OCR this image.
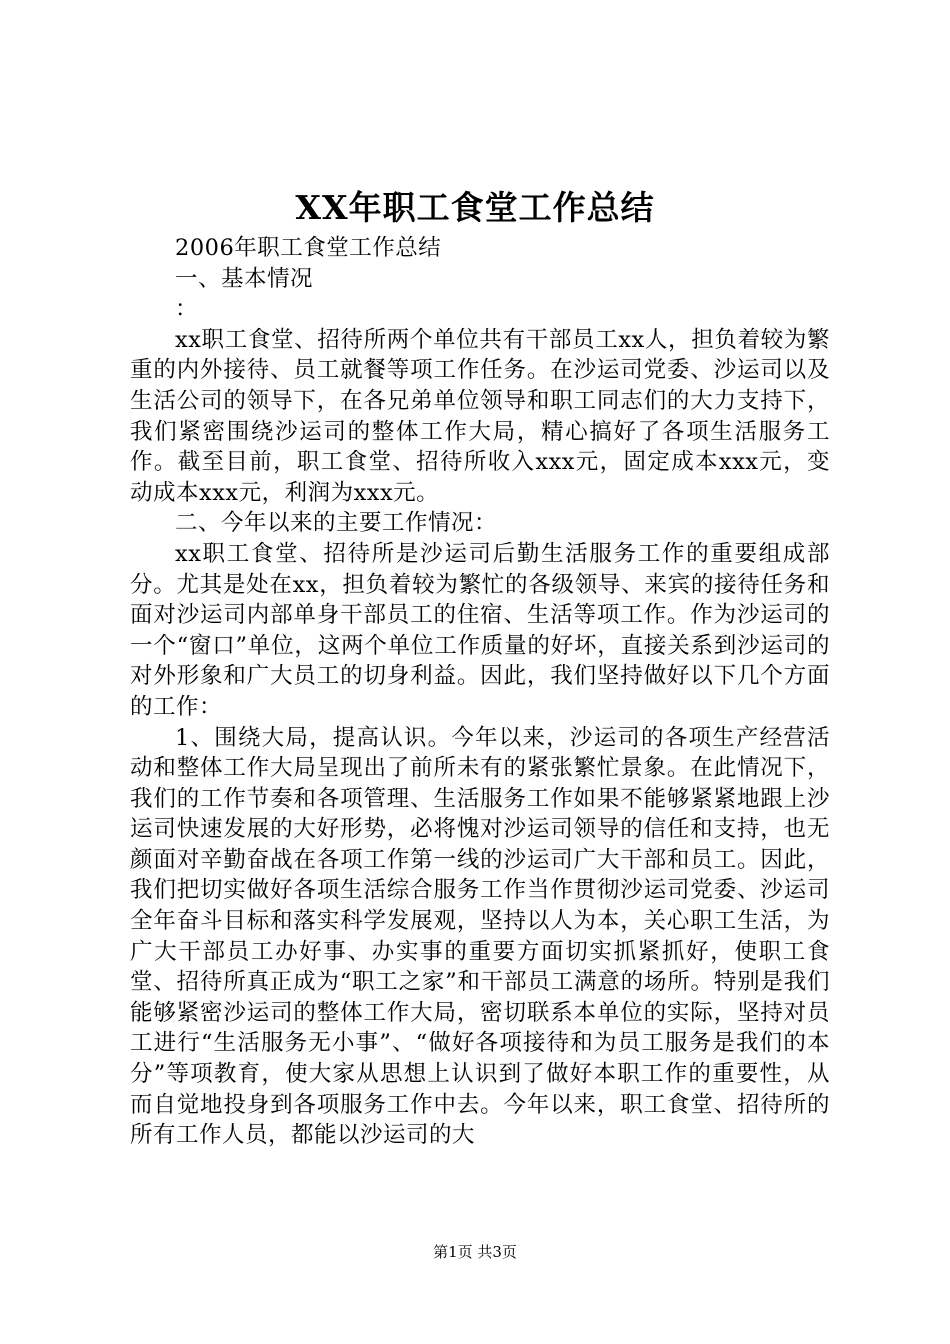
XX年职工食堂工作总结

2006年职工食堂工作总结

一、基本情况

：

xx职工食堂、招待所两个单位共有干部员工xx人，担负着较为繁重的内外接待、员工就餐等项工作任务。在沙运司党委、沙运司以及生活公司的领导下，在各兄弟单位领导和职工同志们的大力支持下，我们紧密围绕沙运司的整体工作大局，精心搞好了各项生活服务工作。截至目前，职工食堂、招待所收入xxx元，固定成本xxx元，变动成本xxx元，利润为xxx元。

二、今年以来的主要工作情况：

xx职工食堂、招待所是沙运司后勤生活服务工作的重要组成部分。尤其是处在xx，担负着较为繁忙的各级领导、来宾的接待任务和面对沙运司内部单身干部员工的住宿、生活等项工作。作为沙运司的一个“窗口”单位，这两个单位工作质量的好坏，直接关系到沙运司的对外形象和广大员工的切身利益。因此，我们坚持做好以下几个方面的工作：

1、围绕大局，提高认识。今年以来，沙运司的各项生产经营活动和整体工作大局呈现出了前所未有的紧张繁忙景象。在此情况下，我们的工作节奏和各项管理、生活服务工作如果不能够紧紧地跟上沙运司快速发展的大好形势，必将愧对沙运司领导的信任和支持，也无颜面对辛勤奋战在各项工作第一线的沙运司广大干部和员工。因此，我们把切实做好各项生活综合服务工作当作贯彻沙运司党委、沙运司全年奋斗目标和落实科学发展观，坚持以人为本，关心职工生活，为广大干部员工办好事、办实事的重要方面切实抓紧抓好，使职工食堂、招待所真正成为“职工之家”和干部员工满意的场所。特别是我们能够紧密沙运司的整体工作大局，密切联系本单位的实际，坚持对员工进行“生活服务无小事”、“做好各项接待和为员工服务是我们的本分”等项教育，使大家从思想上认识到了做好本职工作的重要性，从而自觉地投身到各项服务工作中去。今年以来，职工食堂、招待所的所有工作人员，都能以沙运司的大

第1页 共3页
